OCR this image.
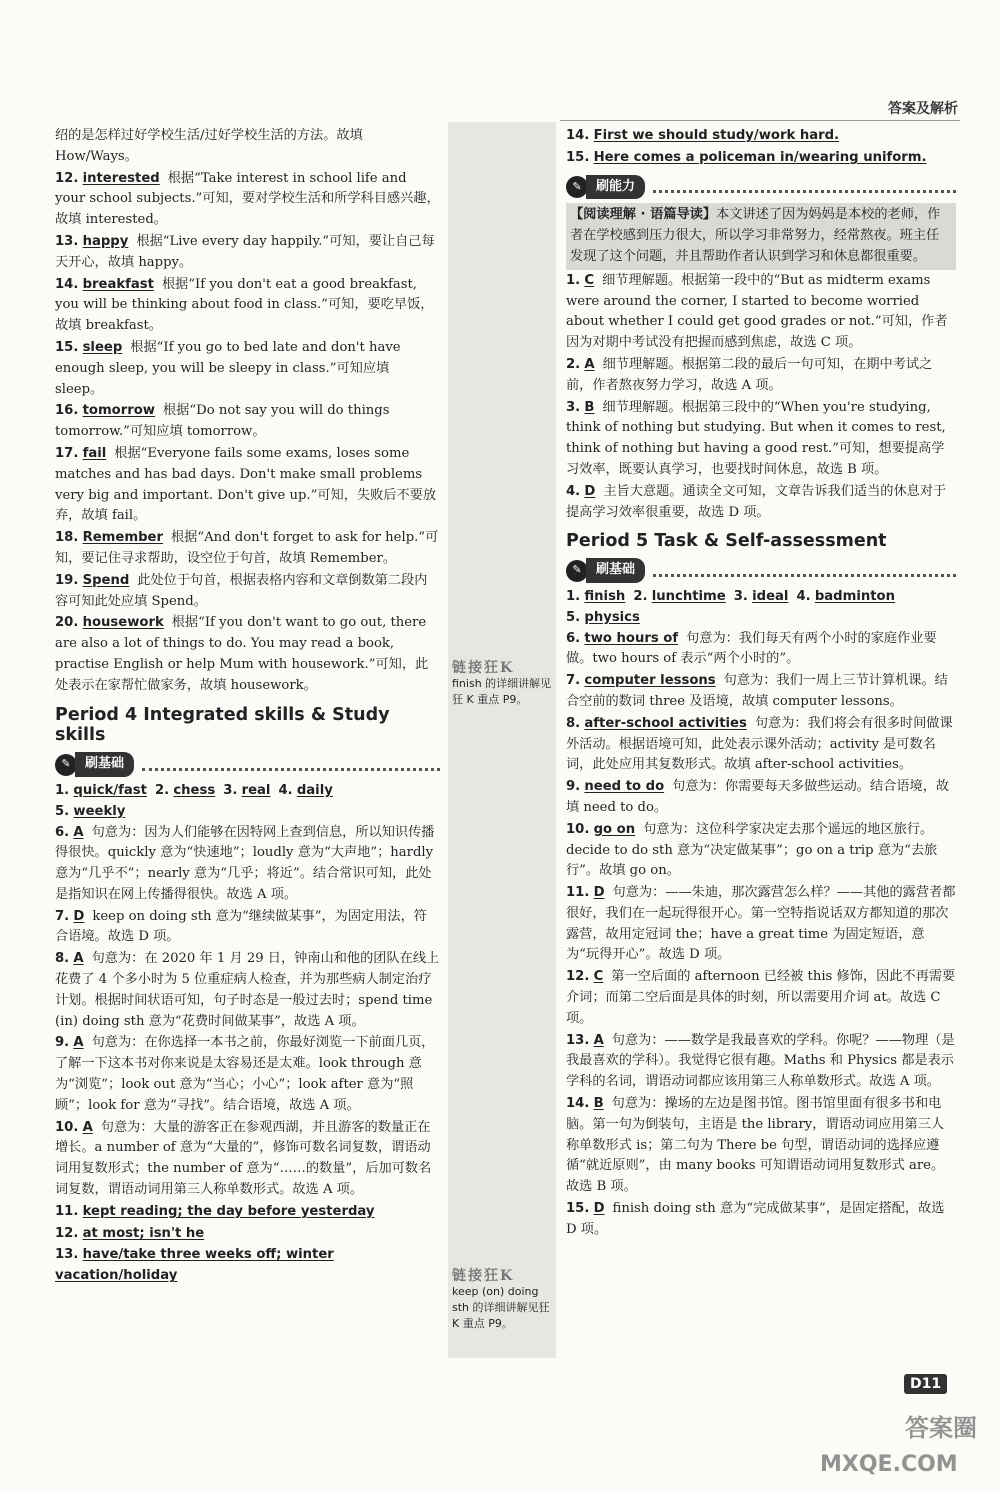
答案及解析
链接狂K
finish 的详细讲解见狂 K 重点 P9。
链接狂K
keep (on) doing sth 的详细讲解见狂 K 重点 P9。

绍的是怎样过好学校生活/过好学校生活的方法。故填 How/Ways。

12. interested 根据“Take interest in school life and your school subjects.”可知，要对学校生活和所学科目感兴趣，故填 interested。

13. happy 根据“Live every day happily.”可知，要让自己每天开心，故填 happy。

14. breakfast 根据“If you don't eat a good breakfast, you will be thinking about food in class.”可知，要吃早饭，故填 breakfast。

15. sleep 根据“If you go to bed late and don't have enough sleep, you will be sleepy in class.”可知应填 sleep。

16. tomorrow 根据“Do not say you will do things tomorrow.”可知应填 tomorrow。

17. fail 根据“Everyone fails some exams, loses some matches and has bad days. Don't make small problems very big and important. Don't give up.”可知，失败后不要放弃，故填 fail。

18. Remember 根据“And don't forget to ask for help.”可知，要记住寻求帮助，设空位于句首，故填 Remember。

19. Spend 此处位于句首，根据表格内容和文章倒数第二段内容可知此处应填 Spend。

20. housework 根据“If you don't want to go out, there are also a lot of things to do. You may read a book, practise English or help Mum with housework.”可知，此处表示在家帮忙做家务，故填 housework。

Period 4 Integrated skills & Study skills
✎	刷基础
1. quick/fast 2. chess 3. real 4. daily
5. weekly

6. A 句意为：因为人们能够在因特网上查到信息，所以知识传播得很快。quickly 意为“快速地”；loudly 意为“大声地”；hardly 意为“几乎不”；nearly 意为“几乎；将近”。结合常识可知，此处是指知识在网上传播得很快。故选 A 项。

7. D keep on doing sth 意为“继续做某事”，为固定用法，符合语境。故选 D 项。

8. A 句意为：在 2020 年 1 月 29 日，钟南山和他的团队在线上花费了 4 个多小时为 5 位重症病人检查，并为那些病人制定治疗计划。根据时间状语可知，句子时态是一般过去时；spend time (in) doing sth 意为“花费时间做某事”，故选 A 项。

9. A 句意为：在你选择一本书之前，你最好浏览一下前面几页，了解一下这本书对你来说是太容易还是太难。look through 意为“浏览”；look out 意为“当心；小心”；look after 意为“照顾”；look for 意为“寻找”。结合语境，故选 A 项。

10. A 句意为：大量的游客正在参观西湖，并且游客的数量正在增长。a number of 意为“大量的”，修饰可数名词复数，谓语动词用复数形式；the number of 意为“……的数量”，后加可数名词复数，谓语动词用第三人称单数形式。故选 A 项。

11. kept reading; the day before yesterday

12. at most; isn't he

13. have/take three weeks off; winter vacation/holiday

14. First we should study/work hard.

15. Here comes a policeman in/wearing uniform.

✎	刷能力

【阅读理解 · 语篇导读】本文讲述了因为妈妈是本校的老师，作者在学校感到压力很大，所以学习非常努力，经常熬夜。班主任发现了这个问题，并且帮助作者认识到学习和休息都很重要。

1. C 细节理解题。根据第一段中的“But as midterm exams were around the corner, I started to become worried about whether I could get good grades or not.”可知，作者因为对期中考试没有把握而感到焦虑，故选 C 项。

2. A 细节理解题。根据第二段的最后一句可知，在期中考试之前，作者熬夜努力学习，故选 A 项。

3. B 细节理解题。根据第三段中的“When you're studying, think of nothing but studying. But when it comes to rest, think of nothing but having a good rest.”可知，想要提高学习效率，既要认真学习，也要找时间休息，故选 B 项。

4. D 主旨大意题。通读全文可知，文章告诉我们适当的休息对于提高学习效率很重要，故选 D 项。

Period 5 Task & Self-assessment
✎	刷基础
1. finish 2. lunchtime 3. ideal 4. badminton
5. physics

6. two hours of 句意为：我们每天有两个小时的家庭作业要做。two hours of 表示“两个小时的”。

7. computer lessons 句意为：我们一周上三节计算机课。结合空前的数词 three 及语境，故填 computer lessons。

8. after-school activities 句意为：我们将会有很多时间做课外活动。根据语境可知，此处表示课外活动；activity 是可数名词，此处应用其复数形式。故填 after-school activities。

9. need to do 句意为：你需要每天多做些运动。结合语境，故填 need to do。

10. go on 句意为：这位科学家决定去那个遥远的地区旅行。decide to do sth 意为“决定做某事”；go on a trip 意为“去旅行”。故填 go on。

11. D 句意为：——朱迪，那次露营怎么样？——其他的露营者都很好，我们在一起玩得很开心。第一空特指说话双方都知道的那次露营，故用定冠词 the；have a great time 为固定短语，意为“玩得开心”。故选 D 项。

12. C 第一空后面的 afternoon 已经被 this 修饰，因此不再需要介词；而第二空后面是具体的时刻，所以需要用介词 at。故选 C 项。

13. A 句意为：——数学是我最喜欢的学科。你呢？——物理（是我最喜欢的学科）。我觉得它很有趣。Maths 和 Physics 都是表示学科的名词，谓语动词都应该用第三人称单数形式。故选 A 项。

14. B 句意为：操场的左边是图书馆。图书馆里面有很多书和电脑。第一句为倒装句，主语是 the library，谓语动词应用第三人称单数形式 is；第二句为 There be 句型，谓语动词的选择应遵循“就近原则”，由 many books 可知谓语动词用复数形式 are。故选 B 项。

15. D finish doing sth 意为“完成做某事”，是固定搭配，故选 D 项。

D11
答案圈
MXQE.COM
